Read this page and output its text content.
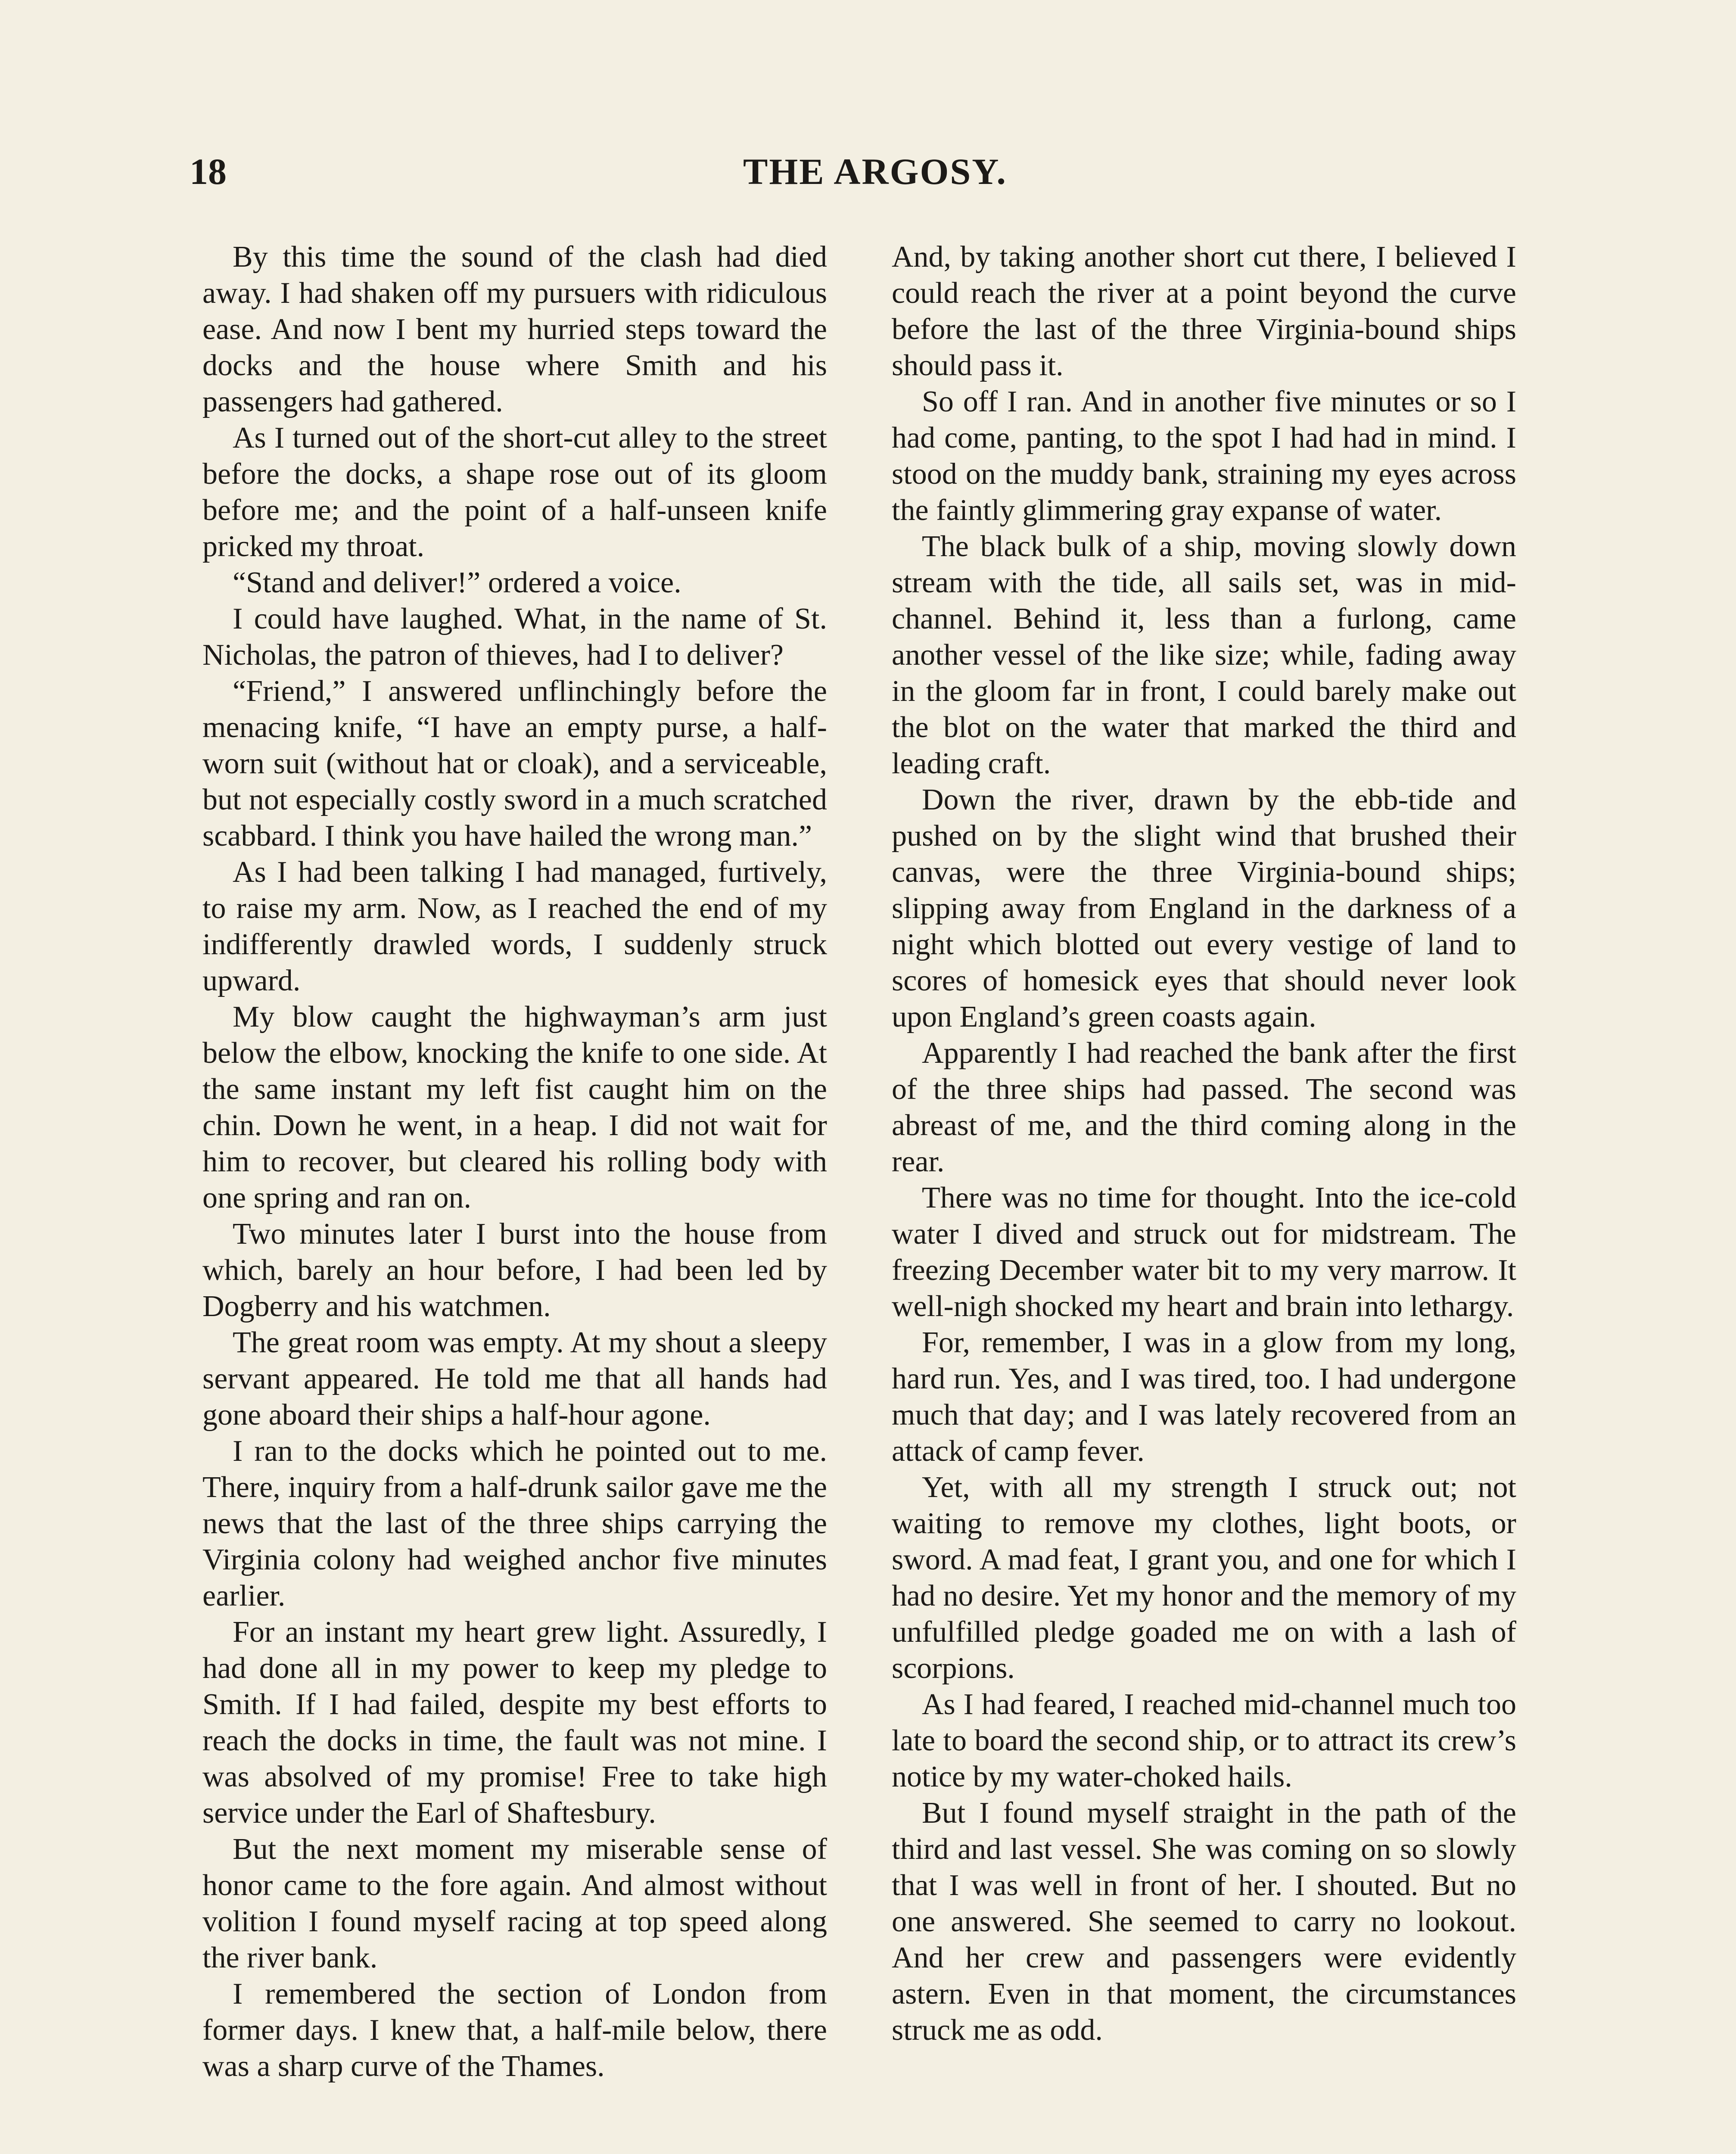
18	THE ARGOSY.

By this time the sound of the clash had died away. I had shaken off my pursuers with ridiculous ease. And now I bent my hurried steps toward the docks and the house where Smith and his passengers had gathered.

As I turned out of the short-cut alley to the street before the docks, a shape rose out of its gloom before me; and the point of a half-unseen knife pricked my throat.

“Stand and deliver!” ordered a voice.

I could have laughed. What, in the name of St. Nicholas, the patron of thieves, had I to deliver?

“Friend,” I answered unflinchingly before the menacing knife, “I have an empty purse, a half-worn suit (without hat or cloak), and a serviceable, but not especially costly sword in a much scratched scabbard. I think you have hailed the wrong man.”

As I had been talking I had managed, furtively, to raise my arm. Now, as I reached the end of my indifferently drawled words, I suddenly struck upward.

My blow caught the highwayman’s arm just below the elbow, knocking the knife to one side. At the same instant my left fist caught him on the chin. Down he went, in a heap. I did not wait for him to recover, but cleared his rolling body with one spring and ran on.

Two minutes later I burst into the house from which, barely an hour before, I had been led by Dogberry and his watchmen.

The great room was empty. At my shout a sleepy servant appeared. He told me that all hands had gone aboard their ships a half-hour agone.

I ran to the docks which he pointed out to me. There, inquiry from a half-drunk sailor gave me the news that the last of the three ships carrying the Virginia colony had weighed anchor five minutes earlier.

For an instant my heart grew light. Assuredly, I had done all in my power to keep my pledge to Smith. If I had failed, despite my best efforts to reach the docks in time, the fault was not mine. I was absolved of my promise! Free to take high service under the Earl of Shaftesbury.

But the next moment my miserable sense of honor came to the fore again. And almost without volition I found myself racing at top speed along the river bank.

I remembered the section of London from former days. I knew that, a half-mile below, there was a sharp curve of the Thames.

And, by taking another short cut there, I believed I could reach the river at a point beyond the curve before the last of the three Virginia-bound ships should pass it.

So off I ran. And in another five minutes or so I had come, panting, to the spot I had had in mind. I stood on the muddy bank, straining my eyes across the faintly glimmering gray expanse of water.

The black bulk of a ship, moving slowly down stream with the tide, all sails set, was in mid-channel. Behind it, less than a furlong, came another vessel of the like size; while, fading away in the gloom far in front, I could barely make out the blot on the water that marked the third and leading craft.

Down the river, drawn by the ebb-tide and pushed on by the slight wind that brushed their canvas, were the three Virginia-bound ships; slipping away from England in the darkness of a night which blotted out every vestige of land to scores of homesick eyes that should never look upon England’s green coasts again.

Apparently I had reached the bank after the first of the three ships had passed. The second was abreast of me, and the third coming along in the rear.

There was no time for thought. Into the ice-cold water I dived and struck out for midstream. The freezing December water bit to my very marrow. It well-nigh shocked my heart and brain into lethargy.

For, remember, I was in a glow from my long, hard run. Yes, and I was tired, too. I had undergone much that day; and I was lately recovered from an attack of camp fever.

Yet, with all my strength I struck out; not waiting to remove my clothes, light boots, or sword. A mad feat, I grant you, and one for which I had no desire. Yet my honor and the memory of my unfulfilled pledge goaded me on with a lash of scorpions.

As I had feared, I reached mid-channel much too late to board the second ship, or to attract its crew’s notice by my water-choked hails.

But I found myself straight in the path of the third and last vessel. She was coming on so slowly that I was well in front of her. I shouted. But no one answered. She seemed to carry no lookout. And her crew and passengers were evidently astern. Even in that moment, the circumstances struck me as odd.
